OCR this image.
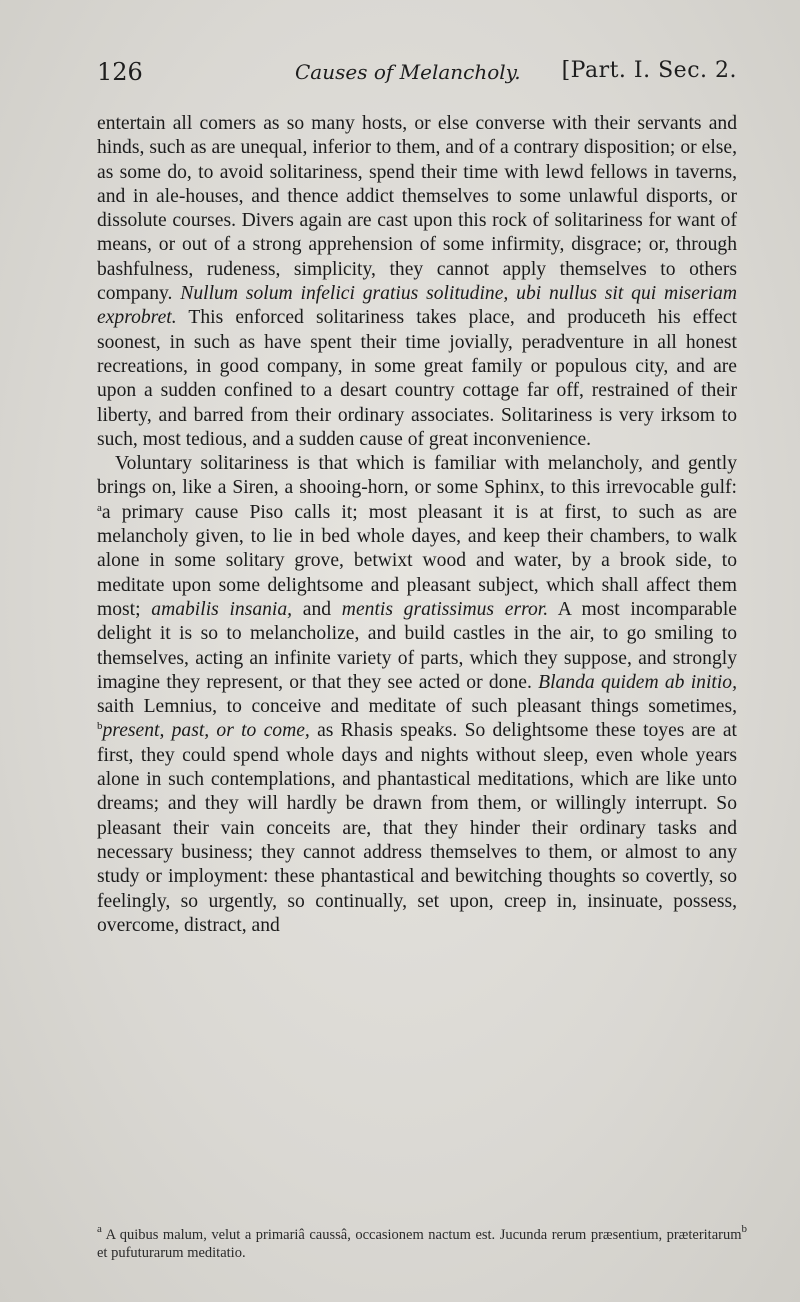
126	Causes of Melancholy. [Part. I. Sec. 2.

entertain all comers as so many hosts, or else converse with their servants and hinds, such as are unequal, inferior to them, and of a contrary disposition; or else, as some do, to avoid solitariness, spend their time with lewd fellows in taverns, and in ale-houses, and thence addict themselves to some unlawful disports, or dissolute courses. Divers again are cast upon this rock of solitariness for want of means, or out of a strong apprehension of some infirmity, disgrace; or, through bashfulness, rudeness, simplicity, they cannot apply themselves to others company. Nullum solum infelici gratius solitudine, ubi nullus sit qui miseriam exprobret. This enforced solitariness takes place, and produceth his effect soonest, in such as have spent their time jovially, peradventure in all honest recreations, in good company, in some great family or populous city, and are upon a sudden confined to a desart country cottage far off, restrained of their liberty, and barred from their ordinary associates. Solitariness is very irksom to such, most tedious, and a sudden cause of great inconvenience.

Voluntary solitariness is that which is familiar with melancholy, and gently brings on, like a Siren, a shooing-horn, or some Sphinx, to this irrevocable gulf: $^a$a primary cause Piso calls it; most pleasant it is at first, to such as are melancholy given, to lie in bed whole dayes, and keep their chambers, to walk alone in some solitary grove, betwixt wood and water, by a brook side, to meditate upon some delightsome and pleasant subject, which shall affect them most; amabilis insania, and mentis gratissimus error. A most incomparable delight it is so to melancholize, and build castles in the air, to go smiling to themselves, acting an infinite variety of parts, which they suppose, and strongly imagine they represent, or that they see acted or done. Blanda quidem ab initio, saith Lemnius, to conceive and meditate of such pleasant things sometimes, $^b$present, past, or to come, as Rhasis speaks. So delightsome these toyes are at first, they could spend whole days and nights without sleep, even whole years alone in such contemplations, and phantastical meditations, which are like unto dreams; and they will hardly be drawn from them, or willingly interrupt. So pleasant their vain conceits are, that they hinder their ordinary tasks and necessary business; they cannot address themselves to them, or almost to any study or imployment: these phantastical and bewitching thoughts so covertly, so feelingly, so urgently, so continually, set upon, creep in, insinuate, possess, overcome, distract, and

$^a$ A quibus malum, velut a primariâ caussâ, occasionem nactum est.	$^b$
Jucunda rerum præsentium, præteritarum et pufuturarum meditatio.
